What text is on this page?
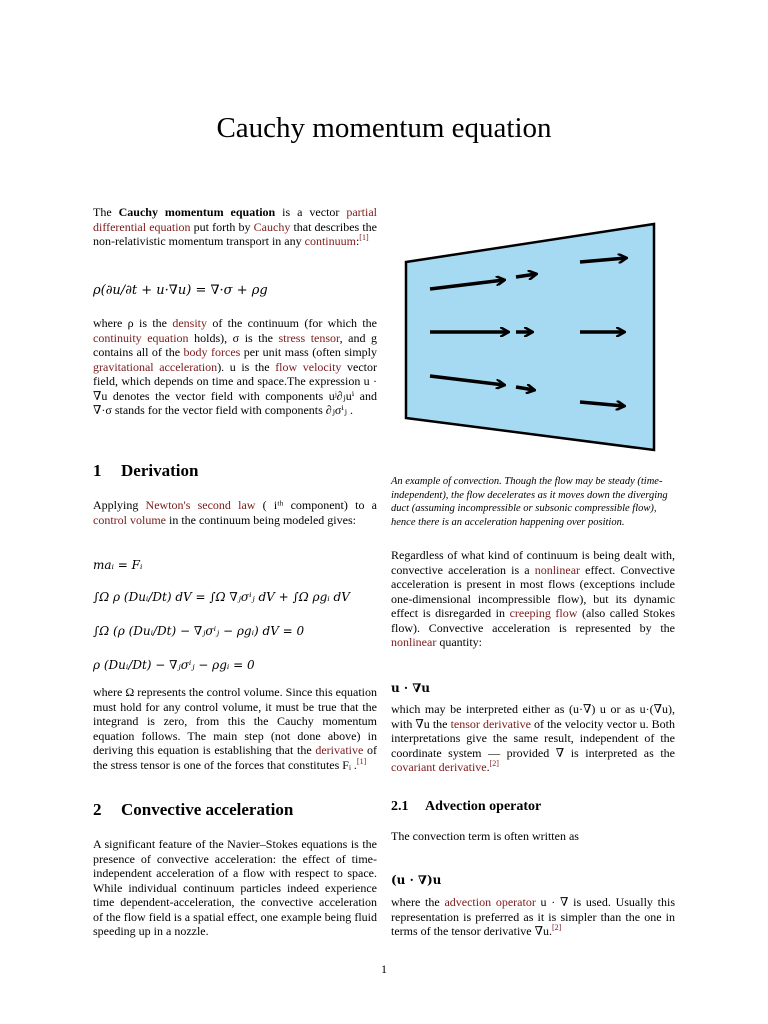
Cauchy momentum equation
The Cauchy momentum equation is a vector partial differential equation put forth by Cauchy that describes the non-relativistic momentum transport in any continuum:[1]
ρ(∂u/∂t + u·∇u) = ∇·σ + ρg
where ρ is the density of the continuum (for which the continuity equation holds), σ is the stress tensor, and g contains all of the body forces per unit mass (often simply gravitational acceleration). u is the flow velocity vector field, which depends on time and space.The expression u · ∇u denotes the vector field with components uʲ∂ⱼuⁱ and ∇·σ stands for the vector field with components ∂ⱼσⁱⱼ .
1 Derivation
Applying Newton's second law ( iᵗʰ component) to a control volume in the continuum being modeled gives:
maᵢ = Fᵢ
∫Ω ρ (Duᵢ/Dt) dV = ∫Ω ∇ⱼσⁱⱼ dV + ∫Ω ρgᵢ dV
∫Ω (ρ (Duᵢ/Dt) − ∇ⱼσⁱⱼ − ρgᵢ) dV = 0
ρ (Duᵢ/Dt) − ∇ⱼσⁱⱼ − ρgᵢ = 0
where Ω represents the control volume. Since this equation must hold for any control volume, it must be true that the integrand is zero, from this the Cauchy momentum equation follows. The main step (not done above) in deriving this equation is establishing that the derivative of the stress tensor is one of the forces that constitutes Fᵢ .[1]
2 Convective acceleration
A significant feature of the Navier–Stokes equations is the presence of convective acceleration: the effect of time-independent acceleration of a flow with respect to space. While individual continuum particles indeed experience time dependent-acceleration, the convective acceleration of the flow field is a spatial effect, one example being fluid speeding up in a nozzle.
An example of convection. Though the flow may be steady (time-independent), the flow decelerates as it moves down the diverging duct (assuming incompressible or subsonic compressible flow), hence there is an acceleration happening over position.
Regardless of what kind of continuum is being dealt with, convective acceleration is a nonlinear effect. Convective acceleration is present in most flows (exceptions include one-dimensional incompressible flow), but its dynamic effect is disregarded in creeping flow (also called Stokes flow). Convective acceleration is represented by the nonlinear quantity:
u · ∇u
which may be interpreted either as (u·∇) u or as u·(∇u), with ∇u the tensor derivative of the velocity vector u. Both interpretations give the same result, independent of the coordinate system — provided ∇ is interpreted as the covariant derivative.[2]
2.1 Advection operator
The convection term is often written as
(u · ∇)u
where the advection operator u · ∇ is used. Usually this representation is preferred as it is simpler than the one in terms of the tensor derivative ∇u.[2]
1
